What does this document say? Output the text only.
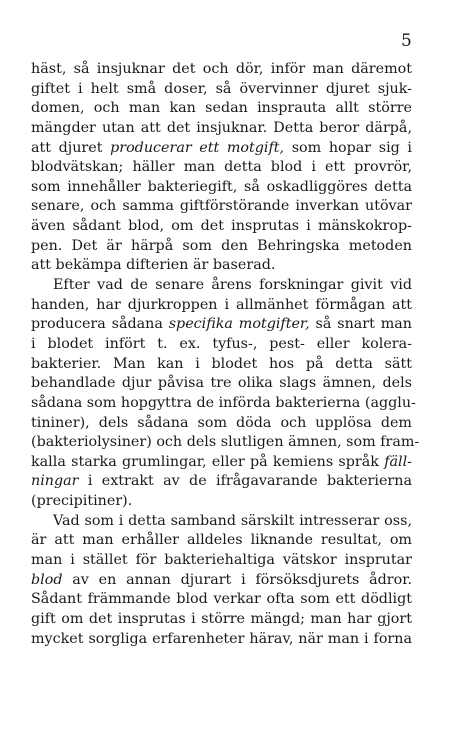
5
häst, så insjuknar det och dör, inför man däremot
giftet i helt små doser, så övervinner djuret sjuk-
domen, och man kan sedan insprauta allt större
mängder utan att det insjuknar. Detta beror därpå,
att djuret producerar ett motgift, som hopar sig i
blodvätskan; häller man detta blod i ett provrör,
som innehåller bakteriegift, så oskadliggöres detta
senare, och samma giftförstörande inverkan utövar
även sådant blod, om det insprutas i mänskokrop-
pen. Det är härpå som den Behringska metoden
att bekämpa difterien är baserad.
Efter vad de senare årens forskningar givit vid
handen, har djurkroppen i allmänhet förmågan att
producera sådana specifika motgifter, så snart man
i blodet infört t. ex. tyfus-, pest- eller kolera-
bakterier. Man kan i blodet hos på detta sätt
behandlade djur påvisa tre olika slags ämnen, dels
sådana som hopgyttra de införda bakterierna (agglu-
tininer), dels sådana som döda och upplösa dem
(bakteriolysiner) och dels slutligen ämnen, som fram-
kalla starka grumlingar, eller på kemiens språk fäll-
ningar i extrakt av de ifrågavarande bakterierna
(precipitiner).
Vad som i detta samband särskilt intresserar oss,
är att man erhåller alldeles liknande resultat, om
man i stället för bakteriehaltiga vätskor insprutar
blod av en annan djurart i försöksdjurets ådror.
Sådant främmande blod verkar ofta som ett dödligt
gift om det insprutas i större mängd; man har gjort
mycket sorgliga erfarenheter härav, när man i forna
